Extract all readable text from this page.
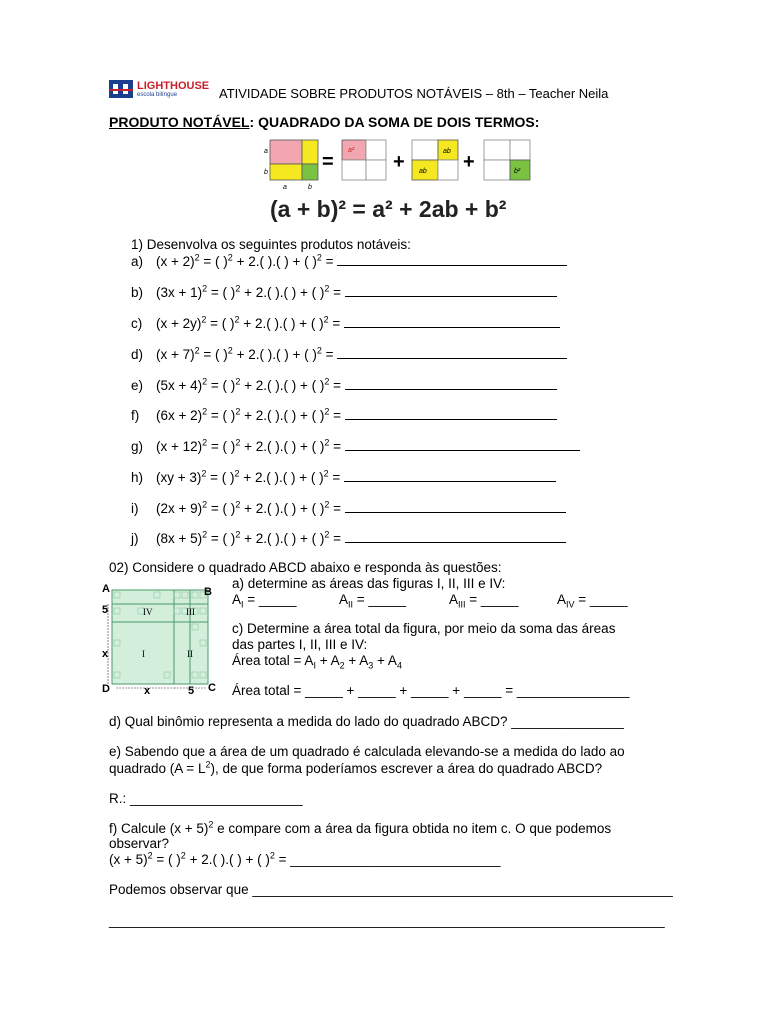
LIGHTHOUSE
escola bilíngue	ATIVIDADE SOBRE PRODUTOS NOTÁVEIS – 8th – Teacher Neila
PRODUTO NOTÁVEL: QUADRADO DA SOMA DE DOIS TERMOS:
a
b
a	b
=
a²
+	ab
ab +	b²
(a + b)² = a² + 2ab + b²
1) Desenvolva os seguintes produtos notáveis:
a) $(x + 2)^2$ = ( )$^2$ + 2.( ).( ) + ( )$^2$ =
b) $(3x + 1)^2$ = ( )$^2$ + 2.( ).( ) + ( )$^2$ =
c) $(x + 2y)^2$ = ( )$^2$ + 2.( ).( ) + ( )$^2$ =
d) $(x + 7)^2$ = ( )$^2$ + 2.( ).( ) + ( )$^2$ =
e) $(5x + 4)^2$ = ( )$^2$ + 2.( ).( ) + ( )$^2$ =
f) $(6x + 2)^2$ = ( )$^2$ + 2.( ).( ) + ( )$^2$ =
g) $(x + 12)^2$ = ( )$^2$ + 2.( ).( ) + ( )$^2$ =
h) (xy + 3)$^2$ = ( )$^2$ + 2.( ).( ) + ( )$^2$ =
i) $(2x + 9)^2$ = ( )$^2$ + 2.( ).( ) + ( )$^2$ =
j) $(8x + 5)^2$ = ( )$^2$ + 2.( ).( ) + ( )$^2$ =
02) Considere o quadrado ABCD abaixo e responda às questões:
A	B
C
D
5
x
x	5
IV	III
I	II
a) determine as áreas das figuras I, II, III e IV:
$A_I$ = _____	$A_{II}$ = _____	$A_{III}$ = _____	$A_{IV}$ = _____
c) Determine a área total da figura, por meio da soma das áreas
das partes I, II, III e IV:
Área total = $A_I + A_2 + A_3 + A_4$
Área total = _____ + _____ + _____ + _____ = _______________
d) Qual binômio representa a medida do lado do quadrado ABCD? _______________
e) Sabendo que a área de um quadrado é calculada elevando-se a medida do lado ao
quadrado $(A = L^2)$, de que forma poderíamos escrever a área do quadrado ABCD?
R.: _______________________
f) Calcule $(x + 5)^2$ e compare com a área da figura obtida no item c. O que podemos
observar?
$(x + 5)^2$ = ( )$^2$ + 2.( ).( ) + ( )$^2$ = ____________________________
Podemos observar que ________________________________________________________
__________________________________________________________________________
